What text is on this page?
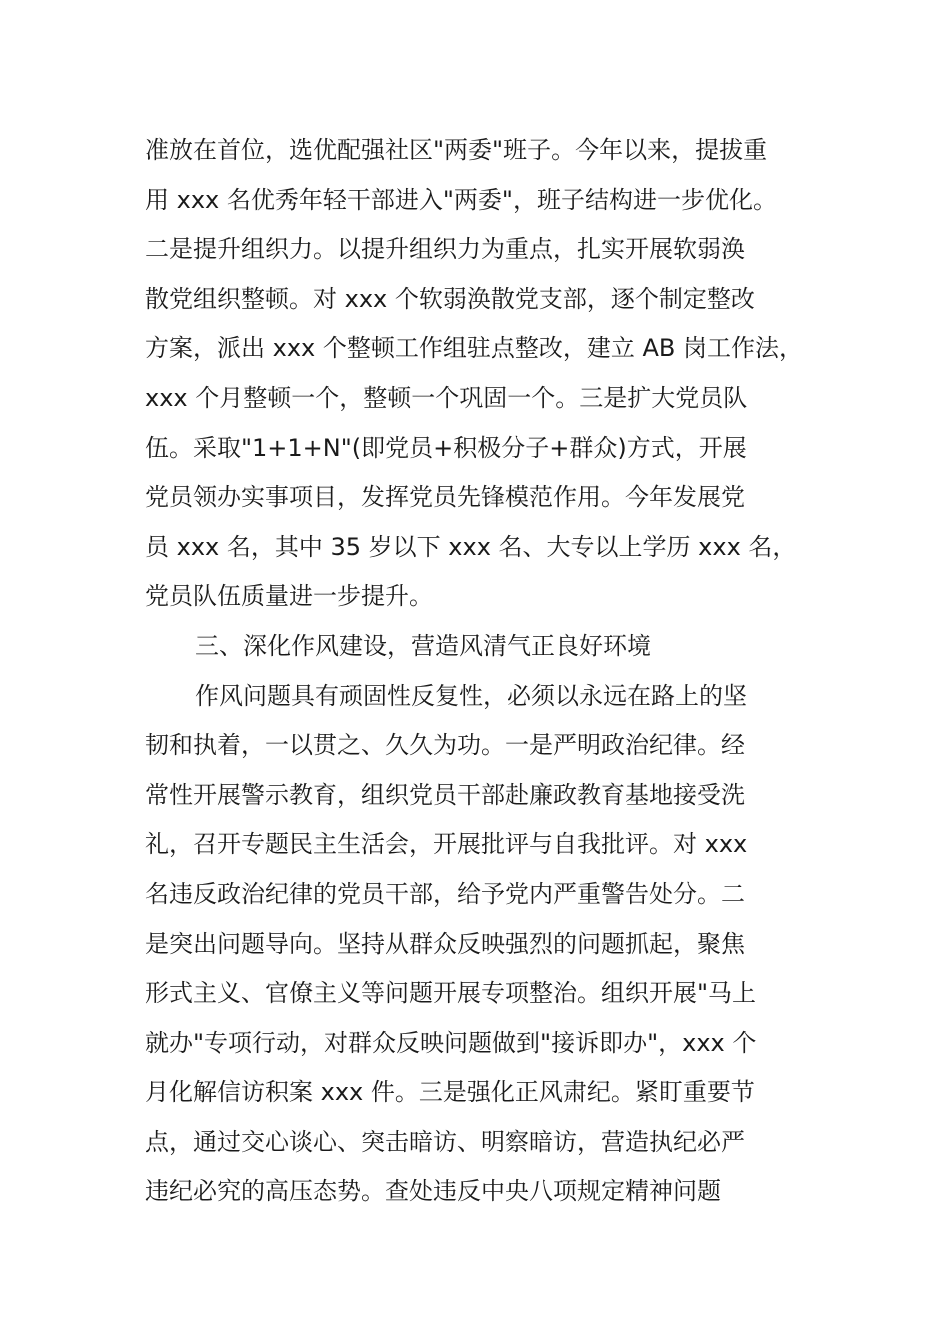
准放在首位，选优配强社区"两委"班子。今年以来，提拔重
用 xxx 名优秀年轻干部进入"两委"，班子结构进一步优化。
二是提升组织力。以提升组织力为重点，扎实开展软弱涣
散党组织整顿。对 xxx 个软弱涣散党支部，逐个制定整改
方案，派出 xxx 个整顿工作组驻点整改，建立 AB 岗工作法，
xxx 个月整顿一个，整顿一个巩固一个。三是扩大党员队
伍。采取"1+1+N"(即党员+积极分子+群众)方式，开展
党员领办实事项目，发挥党员先锋模范作用。今年发展党
员 xxx 名，其中 35 岁以下 xxx 名、大专以上学历 xxx 名，
党员队伍质量进一步提升。
三、深化作风建设，营造风清气正良好环境
作风问题具有顽固性反复性，必须以永远在路上的坚
韧和执着，一以贯之、久久为功。一是严明政治纪律。经
常性开展警示教育，组织党员干部赴廉政教育基地接受洗
礼，召开专题民主生活会，开展批评与自我批评。对 xxx
名违反政治纪律的党员干部，给予党内严重警告处分。二
是突出问题导向。坚持从群众反映强烈的问题抓起，聚焦
形式主义、官僚主义等问题开展专项整治。组织开展"马上
就办"专项行动，对群众反映问题做到"接诉即办"，xxx 个
月化解信访积案 xxx 件。三是强化正风肃纪。紧盯重要节
点，通过交心谈心、突击暗访、明察暗访，营造执纪必严
违纪必究的高压态势。查处违反中央八项规定精神问题
